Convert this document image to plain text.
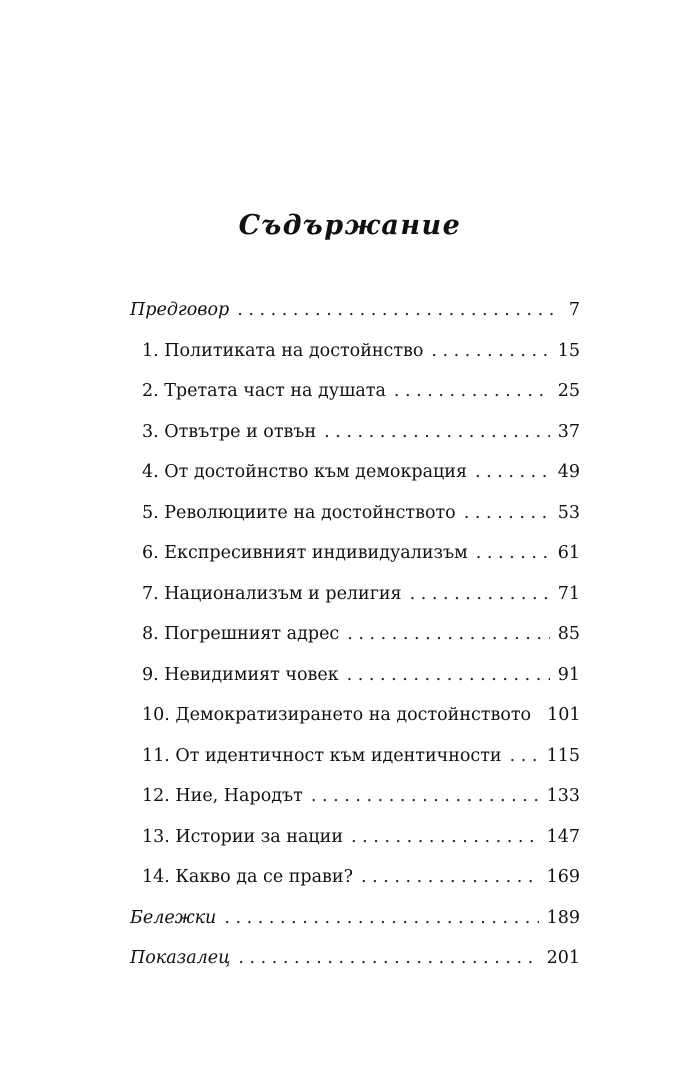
Съдържание
Предговор . . .	7
1. Политиката на достойнство . . .	15
2. Третата част на душата . . .	25
3. Отвътре и отвън . . .	37
4. От достойнство към демокрация . . .	49
5. Революциите на достойнството . . .	53
6. Експресивният индивидуализъм . . .	61
7. Национализъм и религия . . .	71
8. Погрешният адрес . . .	85
9. Невидимият човек . . .	91
10. Демократизирането на достойнството 101
11. От идентичност към идентичности . . .	115
12. Ние, Народът . . .	133
13. Истории за нации . . .	147
14. Какво да се прави? . . .	169
Бележки . . .	189
Показалец . . .	201
